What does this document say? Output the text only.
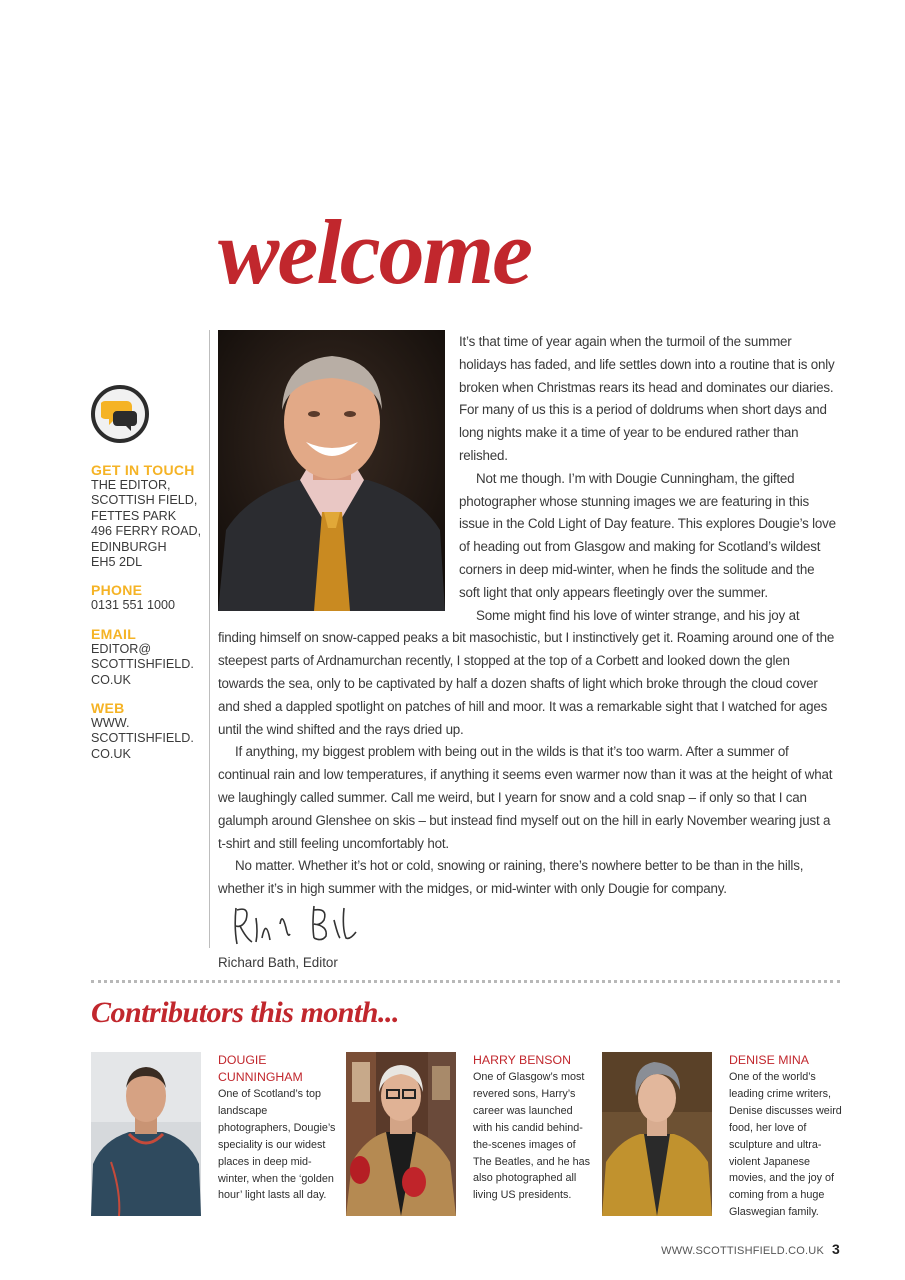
welcome
GET IN TOUCH
THE EDITOR,
SCOTTISH FIELD,
FETTES PARK
496 FERRY ROAD,
EDINBURGH
EH5 2DL
PHONE
0131 551 1000
EMAIL
EDITOR@
SCOTTISHFIELD.
CO.UK
WEB
WWW.
SCOTTISHFIELD.
CO.UK

It’s that time of year again when the turmoil of the summer holidays has faded, and life settles down into a routine that is only broken when Christmas rears its head and dominates our diaries. For many of us this is a period of doldrums when short days and long nights make it a time of year to be endured rather than relished.

Not me though. I’m with Dougie Cunningham, the gifted photographer whose stunning images we are featuring in this issue in the Cold Light of Day feature. This explores Dougie’s love of heading out from Glasgow and making for Scotland’s wildest corners in deep mid-winter, when he finds the solitude and the soft light that only appears fleetingly over the summer.

Some might find his love of winter strange, and his joy at finding himself on snow-capped peaks a bit masochistic, but I instinctively get it. Roaming around one of the steepest parts of Ardnamurchan recently, I stopped at the top of a Corbett and looked down the glen towards the sea, only to be captivated by half a dozen shafts of light which broke through the cloud cover and shed a dappled spotlight on patches of hill and moor. It was a remarkable sight that I watched for ages until the wind shifted and the rays dried up.

If anything, my biggest problem with being out in the wilds is that it’s too warm. After a summer of continual rain and low temperatures, if anything it seems even warmer now than it was at the height of what we laughingly called summer. Call me weird, but I yearn for snow and a cold snap – if only so that I can galumph around Glenshee on skis – but instead find myself out on the hill in early November wearing just a t-shirt and still feeling uncomfortably hot.

No matter. Whether it’s hot or cold, snowing or raining, there’s nowhere better to be than in the hills, whether it’s in high summer with the midges, or mid-winter with only Dougie for company.

Richard Bath, Editor
Contributors this month...
DOUGIE CUNNINGHAM
One of Scotland’s top landscape photographers, Dougie’s speciality is our widest places in deep mid-winter, when the ‘golden hour’ light lasts all day.
HARRY BENSON
One of Glasgow’s most revered sons, Harry’s career was launched with his candid behind-the-scenes images of The Beatles, and he has also photographed all living US presidents.
DENISE MINA
One of the world’s leading crime writers, Denise discusses weird food, her love of sculpture and ultra-violent Japanese movies, and the joy of coming from a huge Glaswegian family.
WWW.SCOTTISHFIELD.CO.UK 3
